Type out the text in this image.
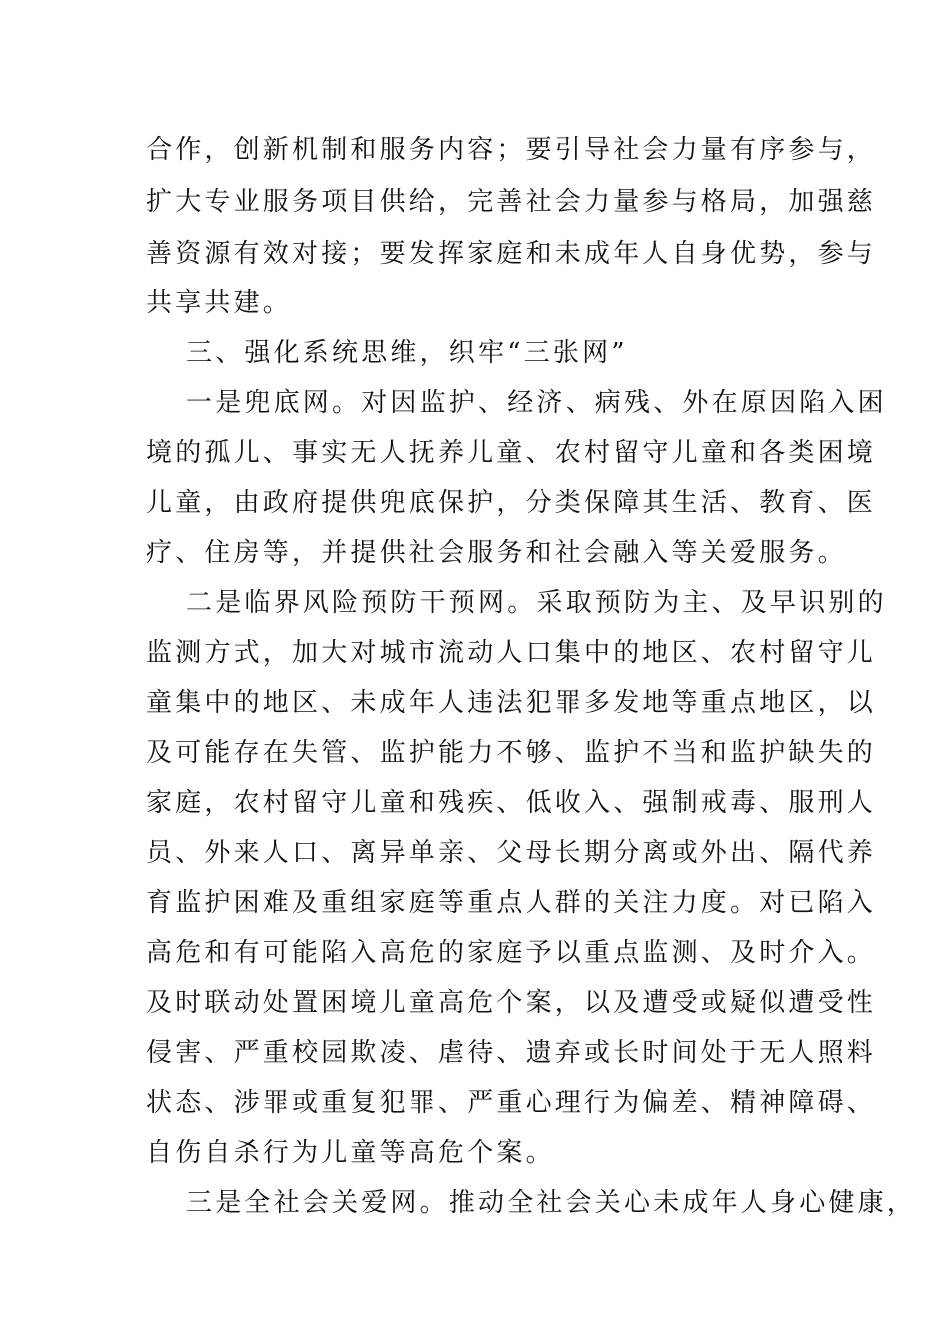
合作，创新机制和服务内容；要引导社会力量有序参与，
扩大专业服务项目供给，完善社会力量参与格局，加强慈
善资源有效对接；要发挥家庭和未成年人自身优势，参与
共享共建。
三、强化系统思维，织牢“三张网”
一是兜底网。对因监护、经济、病残、外在原因陷入困
境的孤儿、事实无人抚养儿童、农村留守儿童和各类困境
儿童，由政府提供兜底保护，分类保障其生活、教育、医
疗、住房等，并提供社会服务和社会融入等关爱服务。
二是临界风险预防干预网。采取预防为主、及早识别的
监测方式，加大对城市流动人口集中的地区、农村留守儿
童集中的地区、未成年人违法犯罪多发地等重点地区，以
及可能存在失管、监护能力不够、监护不当和监护缺失的
家庭，农村留守儿童和残疾、低收入、强制戒毒、服刑人
员、外来人口、离异单亲、父母长期分离或外出、隔代养
育监护困难及重组家庭等重点人群的关注力度。对已陷入
高危和有可能陷入高危的家庭予以重点监测、及时介入。
及时联动处置困境儿童高危个案，以及遭受或疑似遭受性
侵害、严重校园欺凌、虐待、遗弃或长时间处于无人照料
状态、涉罪或重复犯罪、严重心理行为偏差、精神障碍、
自伤自杀行为儿童等高危个案。
三是全社会关爱网。推动全社会关心未成年人身心健康，
